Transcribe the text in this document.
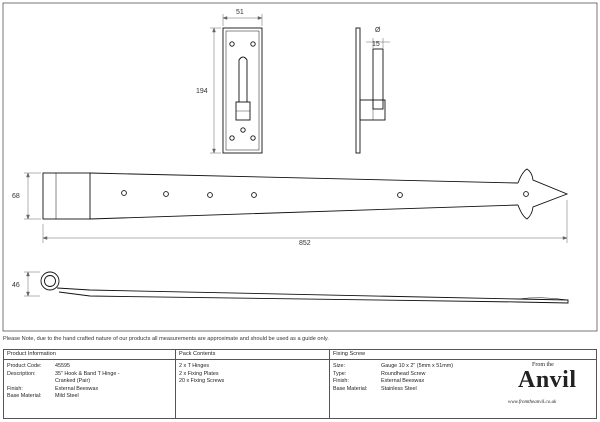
51
194
Ø
15
68
852
46
Please Note, due to the hand crafted nature of our products all measurements are approximate and should be used as a guide only.
Product Information
Product Code:	45595
Description:	35" Hook & Band T Hinge -
Cranked (Pair)
Finish:	External Beeswax
Base Material:	Mild Steel
Pack Contents
2 x T Hinges
2 x Fixing Plates
20 x Fixing Screws
Fixing Screw
Size:	Gauge 10 x 2" (5mm x 51mm)
Type:	Roundhead Screw
Finish:	External Beeswax
Base Material:	Stainless Steel
From the
Anvil
www.fromtheanvil.co.uk
